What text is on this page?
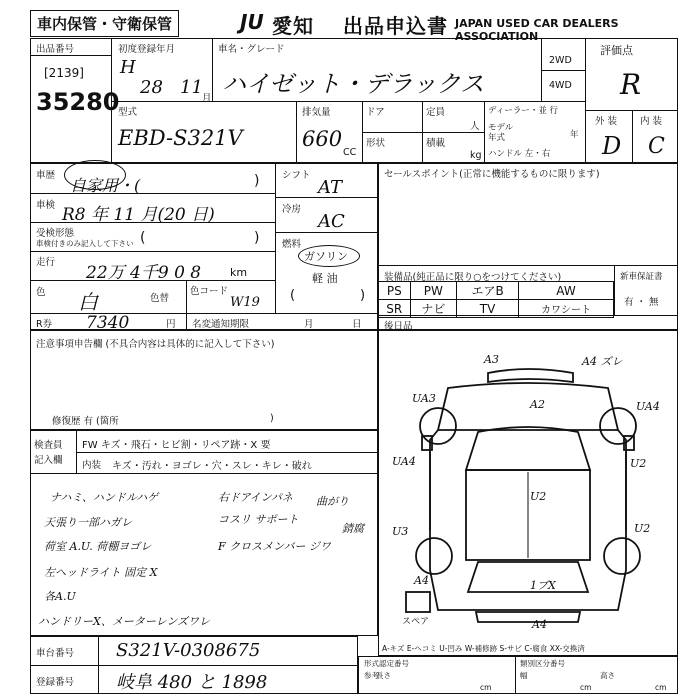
車内保管・守衛保管	JU 愛知 出品申込書 JAPAN USED CAR DEALERS ASSOCIATION
出品番号
[2139]
35280
初度登録年月
H
28 11
月
車名・グレード
ハイゼット・デラックス
2WD
4WD
評価点
R
型式
EBD-S321V
排気量
660
CC
ドア
形状
定員
人
積載
kg
ディーラー・並 行
モデル
年式	年
ハンドル 左・右
外 装 内 装
D C
車歴
自家用・(	)
車検 R8 年 11 月(20 日)
受検形態
車検付きのみ記入して下さい (	)
走行
22万 4千9 0 8	km
色 白	色替
色コード
W19
シフト
AT
冷房
AC
燃料
ガソリン
軽 油
(	)
R券 7340	円 名変通知期限	月	日
セールスポイント(正常に機能するものに限ります)
装備品(純正品に限り○をつけてください)
PS	PW	エアB	AW
SR	ナビ	TV	カワシート
新車保証書
有 ・ 無
後日品
注意事項申告欄 (不具合内容は具体的に記入して下さい)
修復歴 有 (箇所	)
検査員
記入欄
FW キズ・飛石・ヒビ割・リペア跡・X 要
内装 キズ・汚れ・ヨゴレ・穴・スレ・キレ・破れ
ナハミ、ハンドルハゲ
天張り一部ハガレ
荷室 A.U. 荷棚ヨゴレ
左ヘッドライト 固定 X
各A.U
ハンドリーX、メーターレンズワレ
右ドアインパネ
コスリ サポート
F クロスメンバー ジワ
曲がり
錆腐
A3	A4 ズレ
UA3
UA4
A2
UA4	U2
U2
U3	U2
A4	1ブX
A4
スペア
A-キズ E-ヘコミ U-凹み W-補修跡 S-サビ C-腐食 XX-交換済
車台番号 S321V-0308675
登録番号 岐阜 480 と 1898
形式認定番号	類別区分番号
参考
長さ
cm
幅
cm
高さ
cm
